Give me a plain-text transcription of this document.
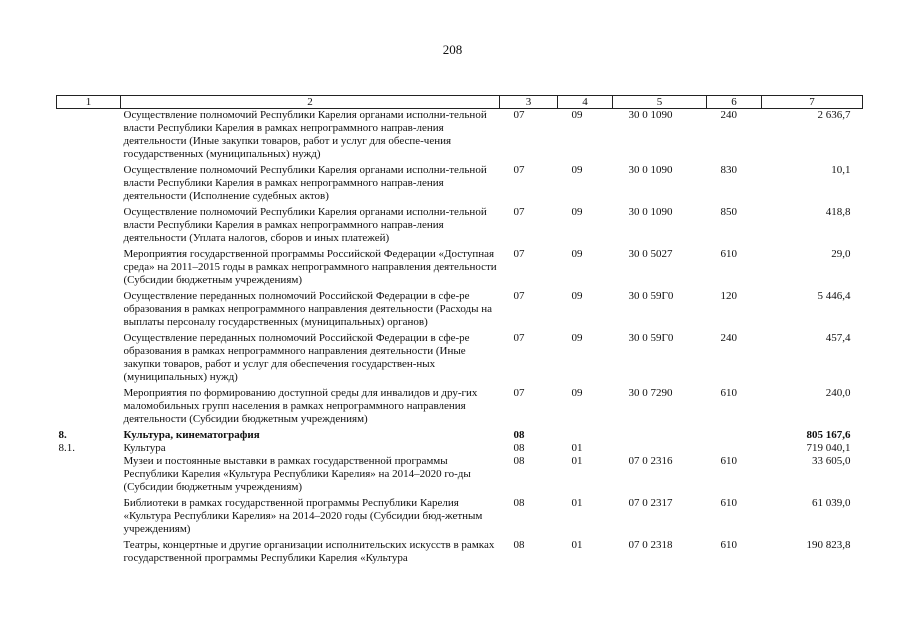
208
1	2	3	4	5	6	7
	Осуществление полномочий Республики Карелия органами исполни-тельной власти Республики Карелия в рамках непрограммного направ-ления деятельности (Иные закупки товаров, работ и услуг для обеспе-чения государственных (муниципальных) нужд)	07	09	30 0 1090	240	2 636,7
	Осуществление полномочий Республики Карелия органами исполни-тельной власти Республики Карелия в рамках непрограммного направ-ления деятельности (Исполнение судебных актов)	07	09	30 0 1090	830	10,1
	Осуществление полномочий Республики Карелия органами исполни-тельной власти Республики Карелия в рамках непрограммного направ-ления деятельности (Уплата налогов, сборов и иных платежей)	07	09	30 0 1090	850	418,8
	Мероприятия государственной программы Российской Федерации «Доступная среда» на 2011–2015 годы в рамках непрограммного направления деятельности (Субсидии бюджетным учреждениям)	07	09	30 0 5027	610	29,0
	Осуществление переданных полномочий Российской Федерации в сфе-ре образования в рамках непрограммного направления деятельности (Расходы на выплаты персоналу государственных (муниципальных) органов)	07	09	30 0 59Г0	120	5 446,4
	Осуществление переданных полномочий Российской Федерации в сфе-ре образования в рамках непрограммного направления деятельности (Иные закупки товаров, работ и услуг для обеспечения государствен-ных (муниципальных) нужд)	07	09	30 0 59Г0	240	457,4
	Мероприятия по формированию доступной среды для инвалидов и дру-гих маломобильных групп населения в рамках непрограммного направления деятельности (Субсидии бюджетным учреждениям)	07	09	30 0 7290	610	240,0
8.	Культура, кинематография	08				805 167,6
8.1.	Культура	08	01			719 040,1
	Музеи и постоянные выставки в рамках государственной программы Республики Карелия «Культура Республики Карелия» на 2014–2020 го-ды (Субсидии бюджетным учреждениям)	08	01	07 0 2316	610	33 605,0
	Библиотеки в рамках государственной программы Республики Карелия «Культура Республики Карелия» на 2014–2020 годы (Субсидии бюд-жетным учреждениям)	08	01	07 0 2317	610	61 039,0
	Театры, концертные и другие организации исполнительских искусств в рамках государственной программы Республики Карелия «Культура	08	01	07 0 2318	610	190 823,8
